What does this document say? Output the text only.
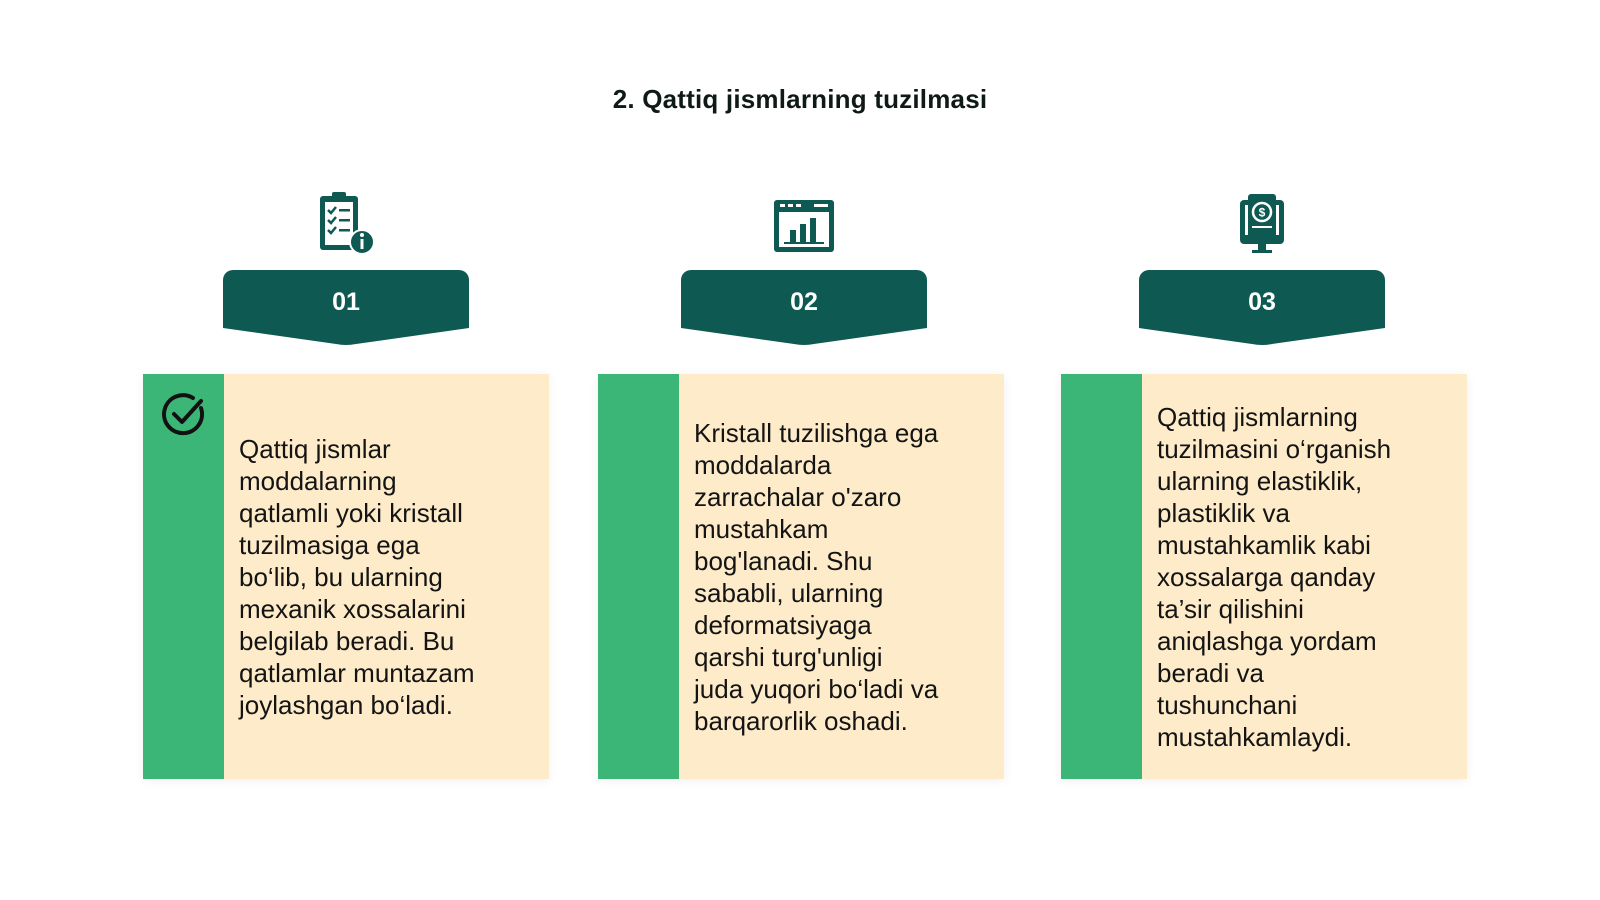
2. Qattiq jismlarning tuzilmasi
01	02
$
03
Qattiq jismlar
moddalarning
qatlamli yoki kristall
tuzilmasiga ega
bo‘lib, bu ularning
mexanik xossalarini
belgilab beradi. Bu
qatlamlar muntazam
joylashgan bo‘ladi.
Kristall tuzilishga ega
moddalarda
zarrachalar o'zaro
mustahkam
bog'lanadi. Shu
sababli, ularning
deformatsiyaga
qarshi turg'unligi
juda yuqori bo‘ladi va
barqarorlik oshadi.
Qattiq jismlarning
tuzilmasini o‘rganish
ularning elastiklik,
plastiklik va
mustahkamlik kabi
xossalarga qanday
ta’sir qilishini
aniqlashga yordam
beradi va
tushunchani
mustahkamlaydi.
